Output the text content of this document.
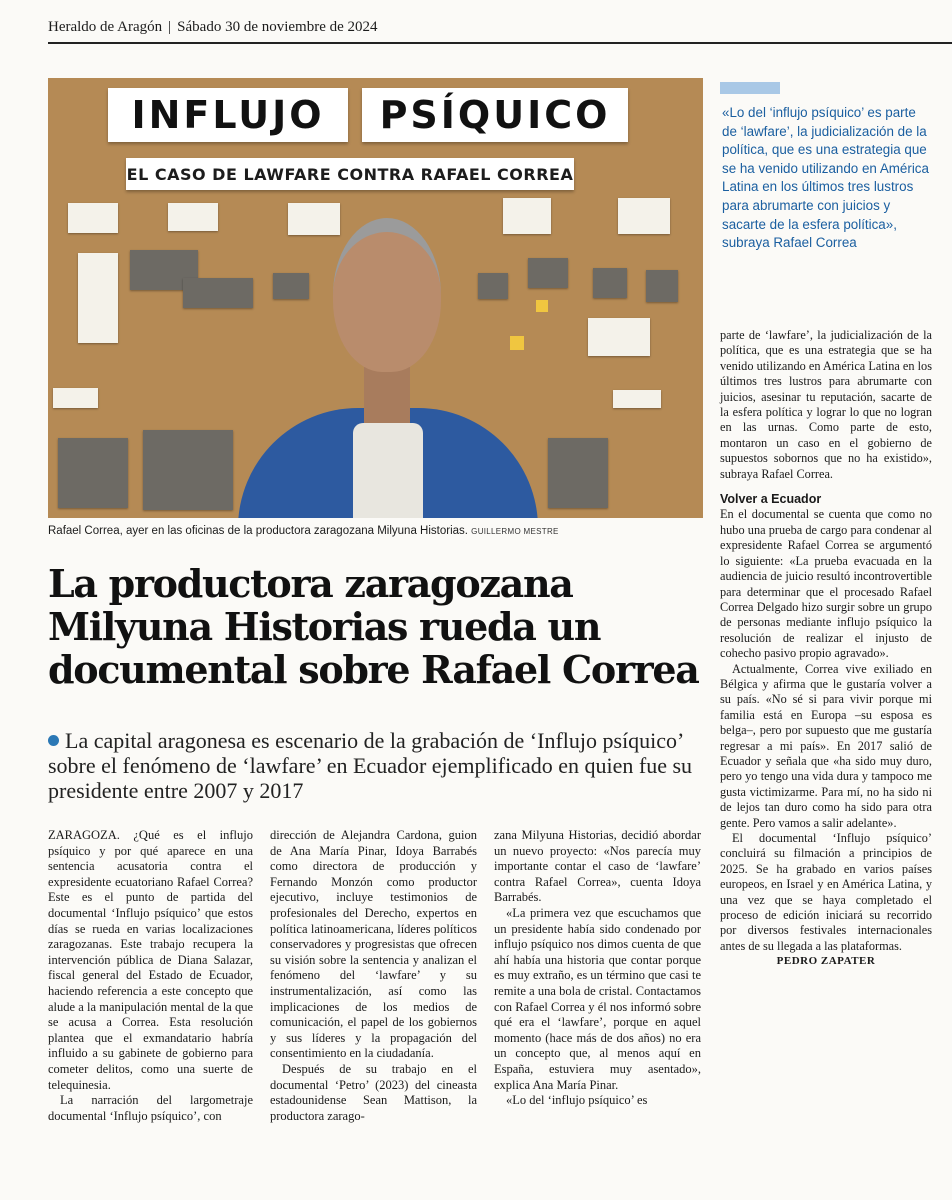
Heraldo de Aragón | Sábado 30 de noviembre de 2024
INFLUJO	PSÍQUICO
EL CASO DE LAWFARE CONTRA RAFAEL CORREA
Rafael Correa, ayer en las oficinas de la productora zaragozana Milyuna Historias. GUILLERMO MESTRE
La productora zaragozana Milyuna Historias rueda un documental sobre Rafael Correa

La capital aragonesa es escenario de la grabación de ‘Influjo psíquico’ sobre el fenómeno de ‘lawfare’ en Ecuador ejemplificado en quien fue su presidente entre 2007 y 2017

ZARAGOZA. ¿Qué es el influjo psíquico y por qué aparece en una sentencia acusatoria contra el expresidente ecuatoriano Rafael Correa? Este es el punto de partida del documental ‘Influjo psíquico’ que estos días se rueda en varias localizaciones zaragozanas. Este trabajo recupera la intervención pública de Diana Salazar, fiscal general del Estado de Ecuador, haciendo referencia a este concepto que alude a la manipulación mental de la que se acusa a Correa. Esta resolución plantea que el exmandatario habría influido a su gabinete de gobierno para cometer delitos, como una suerte de telequinesia.

La narración del largometraje documental ‘Influjo psíquico’, con

dirección de Alejandra Cardona, guion de Ana María Pinar, Idoya Barrabés como directora de producción y Fernando Monzón como productor ejecutivo, incluye testimonios de profesionales del Derecho, expertos en política latinoamericana, líderes políticos conservadores y progresistas que ofrecen su visión sobre la sentencia y analizan el fenómeno del ‘lawfare’ y su instrumentalización, así como las implicaciones de los medios de comunicación, el papel de los gobiernos y sus líderes y la propagación del consentimiento en la ciudadanía.

Después de su trabajo en el documental ‘Petro’ (2023) del cineasta estadounidense Sean Mattison, la productora zarago-

zana Milyuna Historias, decidió abordar un nuevo proyecto: «Nos parecía muy importante contar el caso de ‘lawfare’ contra Rafael Correa», cuenta Idoya Barrabés.

«La primera vez que escuchamos que un presidente había sido condenado por influjo psíquico nos dimos cuenta de que ahí había una historia que contar porque es muy extraño, es un término que casi te remite a una bola de cristal. Contactamos con Rafael Correa y él nos informó sobre qué era el ‘lawfare’, porque en aquel momento (hace más de dos años) no era un concepto que, al menos aquí en España, estuviera muy asentado», explica Ana María Pinar.

«Lo del ‘influjo psíquico’ es

«Lo del ‘influjo psíquico’ es parte de ‘lawfare’, la judicialización de la política, que es una estrategia que se ha venido utilizando en América Latina en los últimos tres lustros para abrumarte con juicios y sacarte de la esfera política», subraya Rafael Correa

parte de ‘lawfare’, la judicialización de la política, que es una estrategia que se ha venido utilizando en América Latina en los últimos tres lustros para abrumarte con juicios, asesinar tu reputación, sacarte de la esfera política y lograr lo que no logran en las urnas. Como parte de esto, montaron un caso en el gobierno de supuestos sobornos que no ha existido», subraya Rafael Correa.

Volver a Ecuador

En el documental se cuenta que como no hubo una prueba de cargo para condenar al expresidente Rafael Correa se argumentó lo siguiente: «La prueba evacuada en la audiencia de juicio resultó incontrovertible para determinar que el procesado Rafael Correa Delgado hizo surgir sobre un grupo de personas mediante influjo psíquico la resolución de realizar el injusto de cohecho pasivo propio agravado».

Actualmente, Correa vive exiliado en Bélgica y afirma que le gustaría volver a su país. «No sé si para vivir porque mi familia está en Europa –su esposa es belga–, pero por supuesto que me gustaría regresar a mi país». En 2017 salió de Ecuador y señala que «ha sido muy duro, pero yo tengo una vida dura y tampoco me gusta victimizarme. Para mí, no ha sido ni de lejos tan duro como ha sido para otra gente. Pero vamos a salir adelante».

El documental ‘Influjo psíquico’ concluirá su filmación a principios de 2025. Se ha grabado en varios países europeos, en Israel y en América Latina, y una vez que se haya completado el proceso de edición iniciará su recorrido por diversos festivales internacionales antes de su llegada a las plataformas.

PEDRO ZAPATER
